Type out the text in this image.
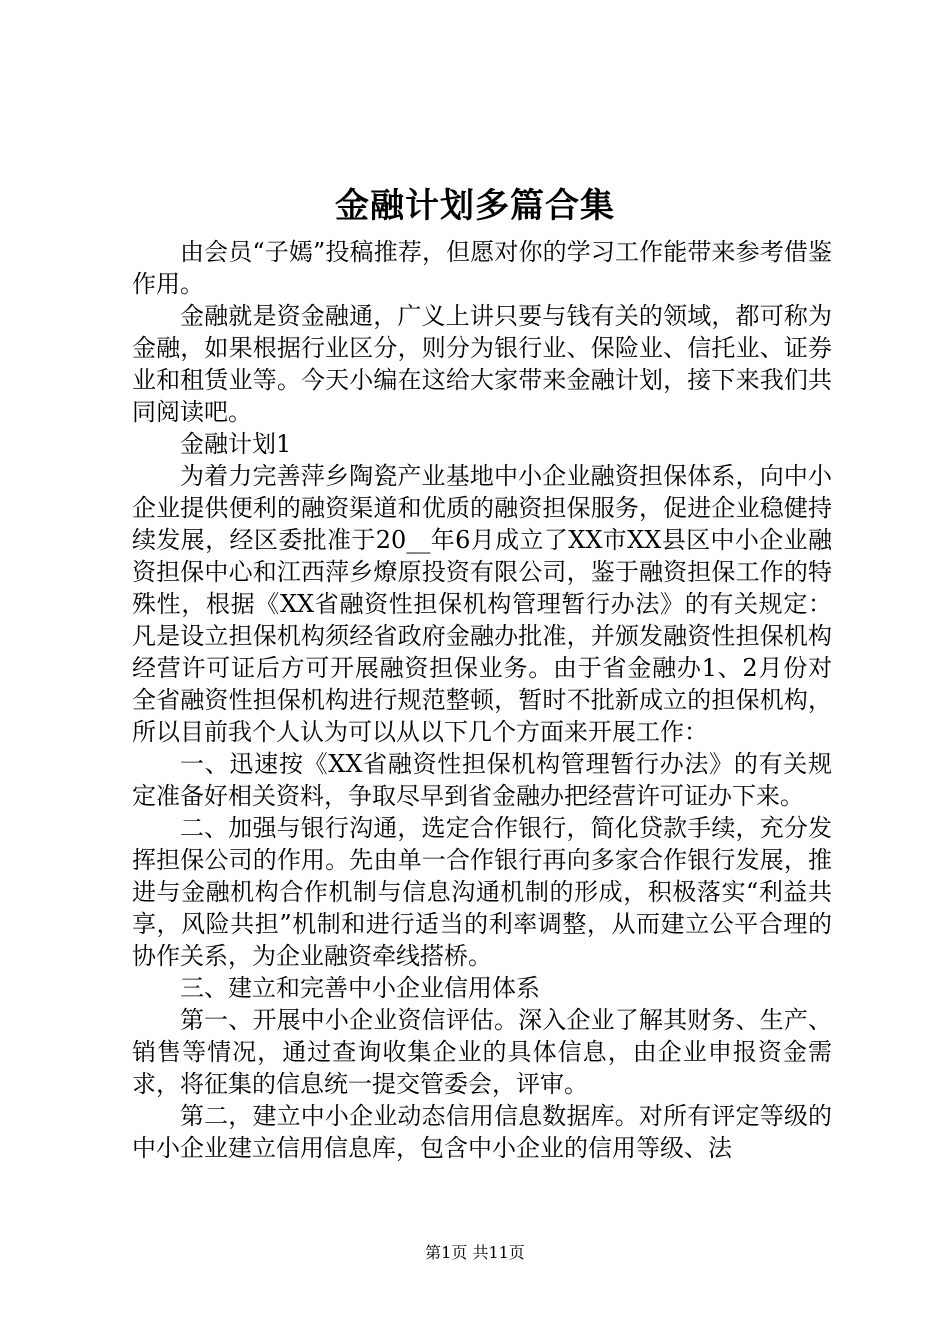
金融计划多篇合集

由会员“子嫣”投稿推荐，但愿对你的学习工作能带来参考借鉴作用。

金融就是资金融通，广义上讲只要与钱有关的领域，都可称为金融，如果根据行业区分，则分为银行业、保险业、信托业、证券业和租赁业等。今天小编在这给大家带来金融计划，接下来我们共同阅读吧。

金融计划1

为着力完善萍乡陶瓷产业基地中小企业融资担保体系，向中小企业提供便利的融资渠道和优质的融资担保服务，促进企业稳健持续发展，经区委批准于20__年6月成立了XX市XX县区中小企业融资担保中心和江西萍乡燎原投资有限公司，鉴于融资担保工作的特殊性，根据《XX省融资性担保机构管理暂行办法》的有关规定：凡是设立担保机构须经省政府金融办批准，并颁发融资性担保机构经营许可证后方可开展融资担保业务。由于省金融办1、2月份对全省融资性担保机构进行规范整顿，暂时不批新成立的担保机构，所以目前我个人认为可以从以下几个方面来开展工作：

一、迅速按《XX省融资性担保机构管理暂行办法》的有关规定准备好相关资料，争取尽早到省金融办把经营许可证办下来。

二、加强与银行沟通，选定合作银行，简化贷款手续，充分发挥担保公司的作用。先由单一合作银行再向多家合作银行发展，推进与金融机构合作机制与信息沟通机制的形成，积极落实“利益共享，风险共担”机制和进行适当的利率调整，从而建立公平合理的协作关系，为企业融资牵线搭桥。

三、建立和完善中小企业信用体系

第一、开展中小企业资信评估。深入企业了解其财务、生产、销售等情况，通过查询收集企业的具体信息，由企业申报资金需求，将征集的信息统一提交管委会，评审。

第二，建立中小企业动态信用信息数据库。对所有评定等级的中小企业建立信用信息库，包含中小企业的信用等级、法

第1页 共11页
